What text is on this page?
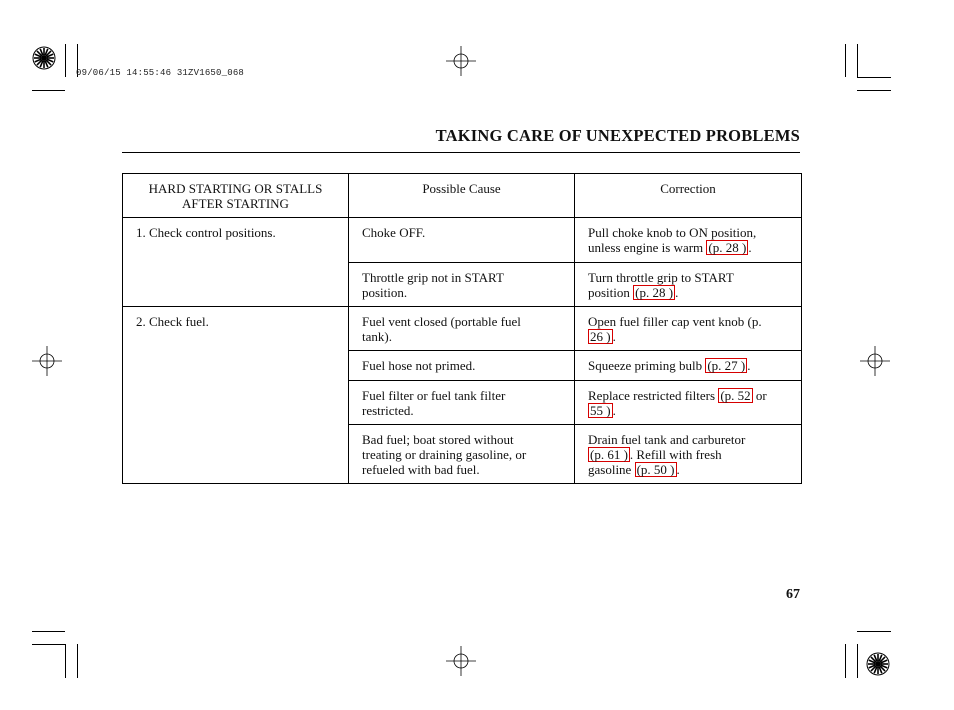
09/06/15 14:55:46 31ZV1650_068
TAKING CARE OF UNEXPECTED PROBLEMS
HARD STARTING OR STALLS
AFTER STARTING	Possible Cause	Correction

1. Check control positions.	Choke OFF.	Pull choke knob to ON position,
unless engine is warm (p. 28 ) .

	Throttle grip not in START
position.	Turn throttle grip to START
position (p. 28 ) .

2. Check fuel.	Fuel vent closed (portable fuel
tank).	Open fuel filler cap vent knob (p.
26 ) .

	Fuel hose not primed.	Squeeze priming bulb (p. 27 ) .

	Fuel filter or fuel tank filter
restricted.	Replace restricted filters (p. 52 or
55 ) .

	Bad fuel; boat stored without
treating or draining gasoline, or
refueled with bad fuel.	Drain fuel tank and carburetor
(p. 61 ) . Refill with fresh
gasoline (p. 50 ) .
67
